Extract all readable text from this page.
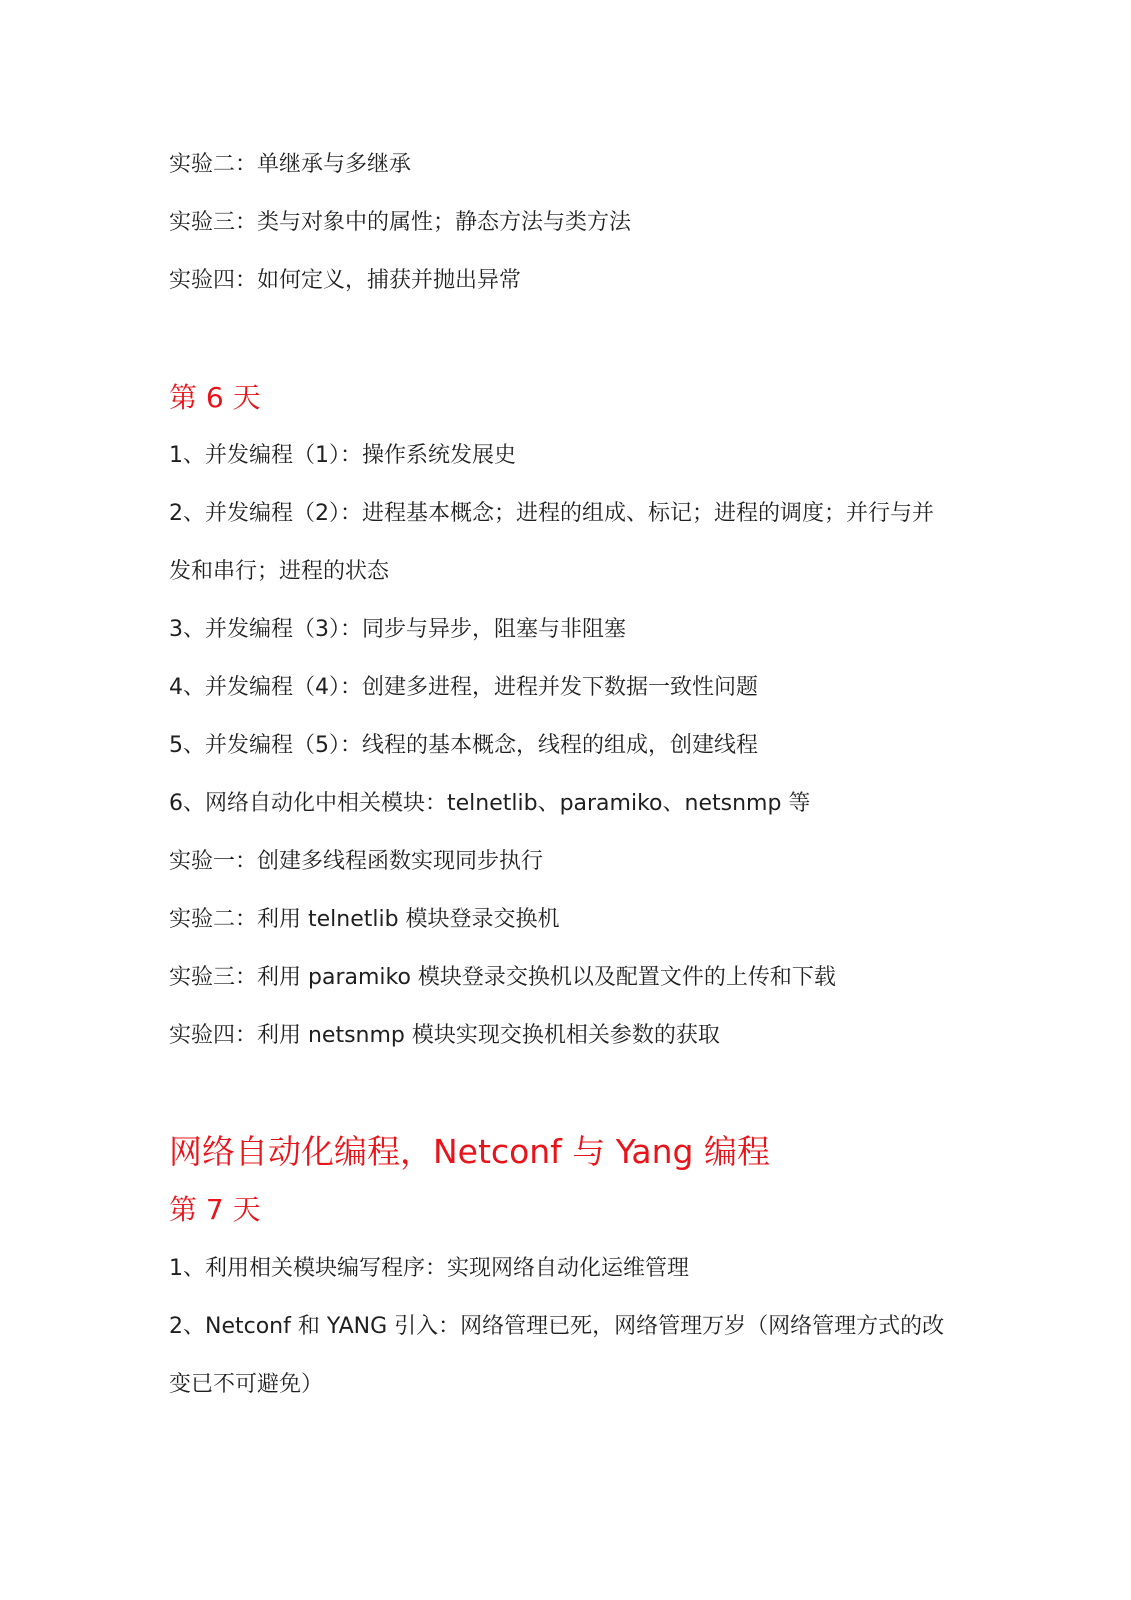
实验二：单继承与多继承
实验三：类与对象中的属性；静态方法与类方法
实验四：如何定义，捕获并抛出异常
第 6 天
1、并发编程（1）：操作系统发展史
2、并发编程（2）：进程基本概念；进程的组成、标记；进程的调度；并行与并
发和串行；进程的状态
3、并发编程（3）：同步与异步，阻塞与非阻塞
4、并发编程（4）：创建多进程，进程并发下数据一致性问题
5、并发编程（5）：线程的基本概念，线程的组成，创建线程
6、网络自动化中相关模块：telnetlib、paramiko、netsnmp 等
实验一：创建多线程函数实现同步执行
实验二：利用 telnetlib 模块登录交换机
实验三：利用 paramiko 模块登录交换机以及配置文件的上传和下载
实验四：利用 netsnmp 模块实现交换机相关参数的获取
网络自动化编程，Netconf 与 Yang 编程
第 7 天
1、利用相关模块编写程序：实现网络自动化运维管理
2、Netconf 和 YANG 引入：网络管理已死，网络管理万岁（网络管理方式的改
变已不可避免）
